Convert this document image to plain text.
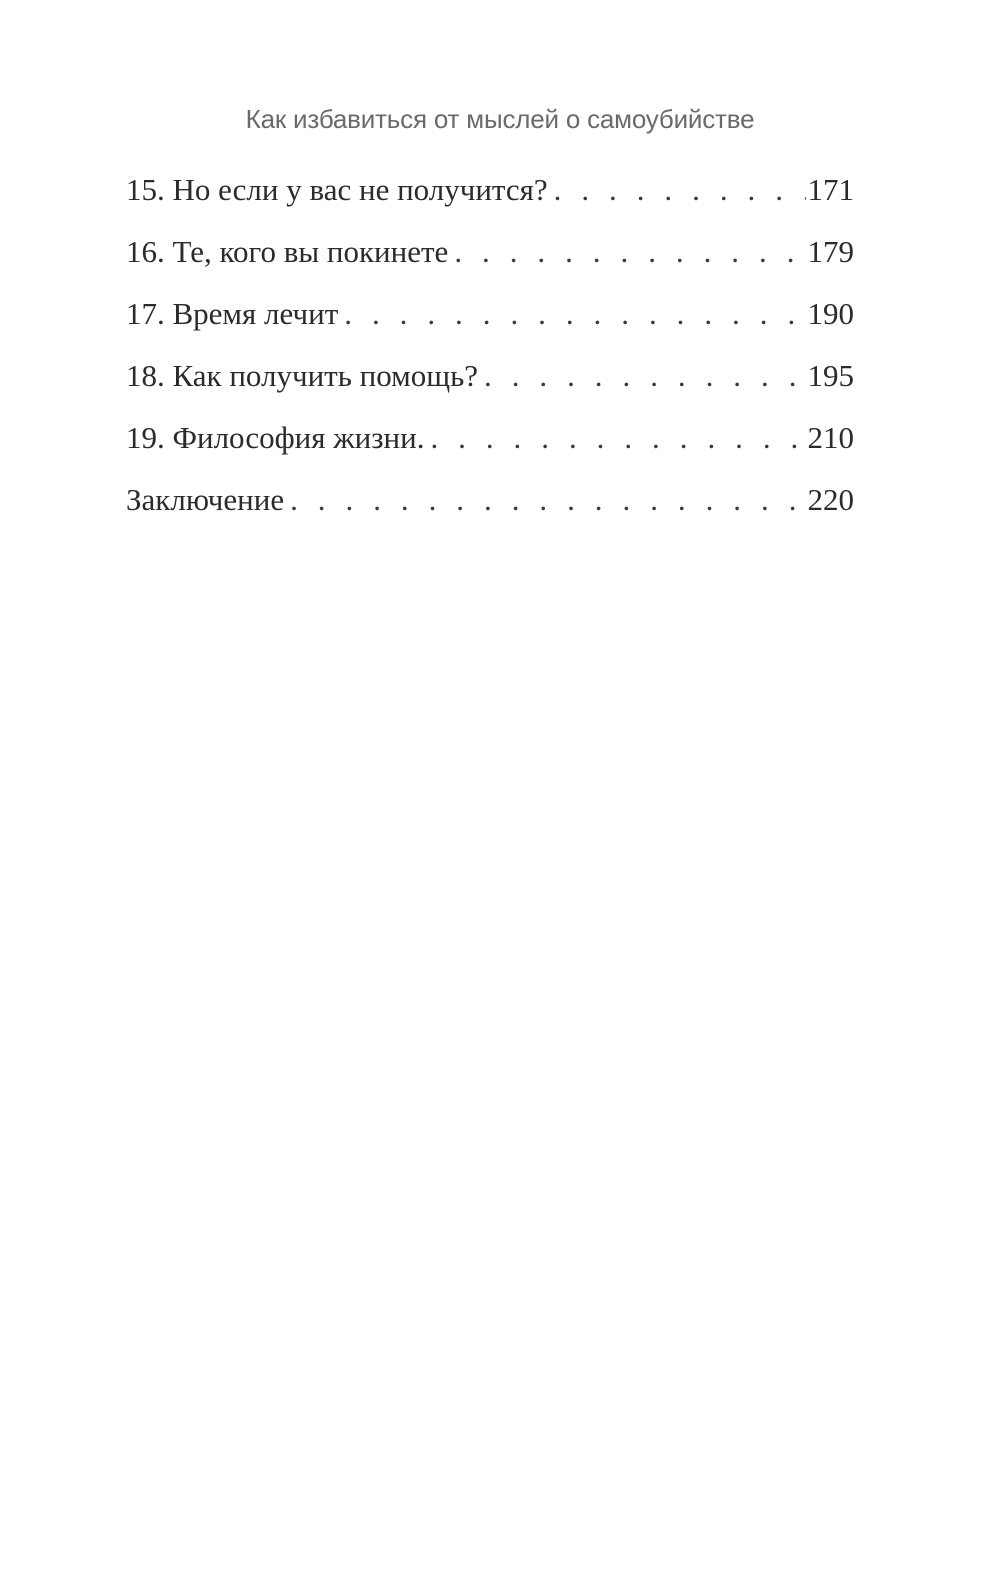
Как избавиться от мыслей о самоубийстве
15. Но если у вас не получится? . . .	171
16. Те, кого вы покинете . . .	179
17. Время лечит . . .	190
18. Как получить помощь? . . .	195
19. Философия жизни. . . .	210
Заключение . . .	220
